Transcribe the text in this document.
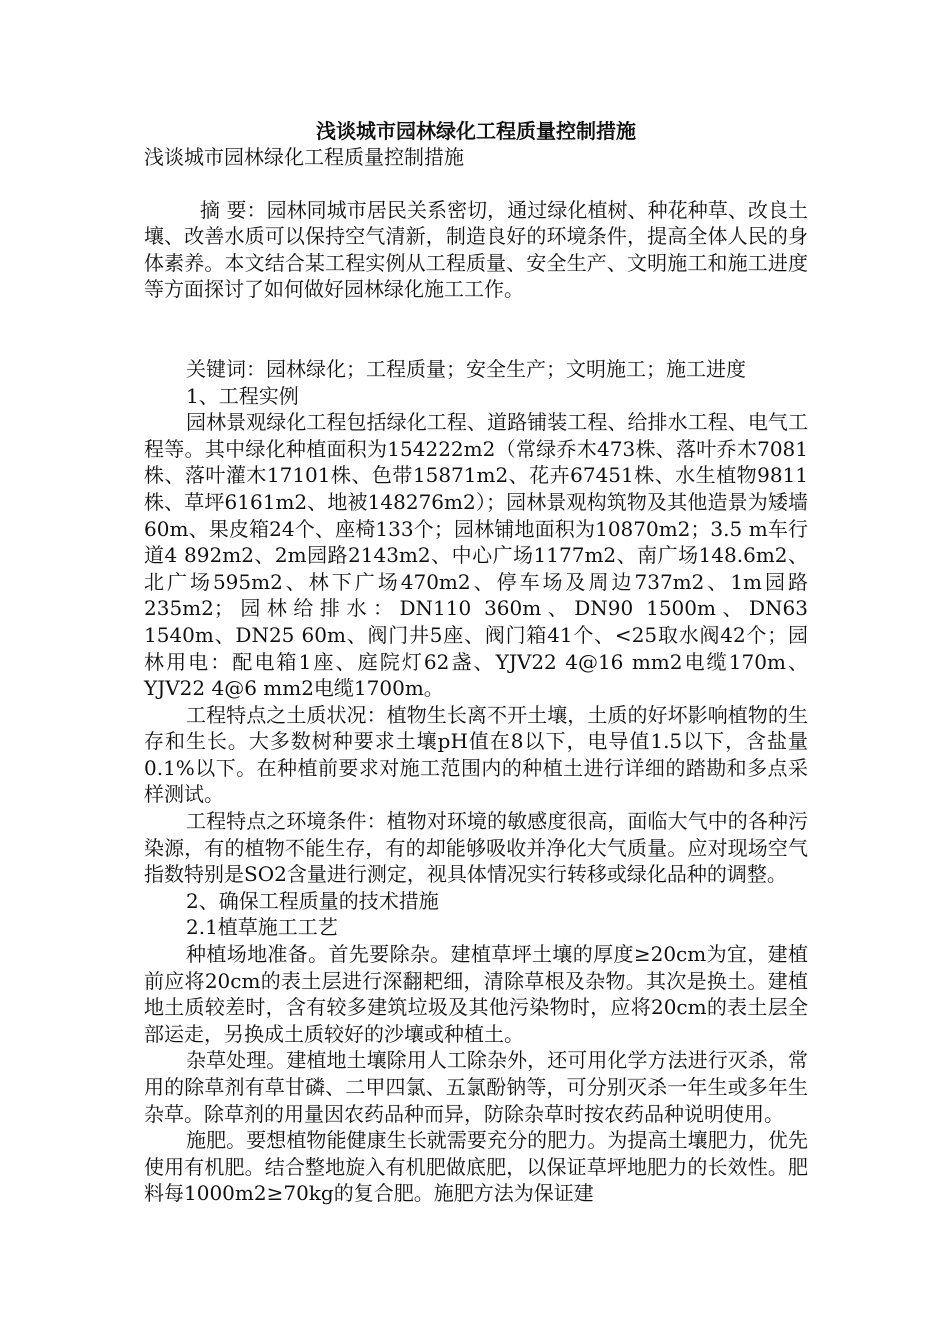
浅谈城市园林绿化工程质量控制措施

浅谈城市园林绿化工程质量控制措施

摘 要：园林同城市居民关系密切，通过绿化植树、种花种草、改良土壤、改善水质可以保持空气清新，制造良好的环境条件，提高全体人民的身体素养。本文结合某工程实例从工程质量、安全生产、文明施工和施工进度等方面探讨了如何做好园林绿化施工工作。

关键词：园林绿化；工程质量；安全生产；文明施工；施工进度

1、工程实例

园林景观绿化工程包括绿化工程、道路铺装工程、给排水工程、电气工程等。其中绿化种植面积为154222m2（常绿乔木473株、落叶乔木7081株、落叶灌木17101株、色带15871m2、花卉67451株、水生植物9811株、草坪6161m2、地被148276m2）；园林景观构筑物及其他造景为矮墙60m、果皮箱24个、座椅133个；园林铺地面积为10870m2；3.5 m车行道4 892m2、2m园路2143m2、中心广场1177m2、南广场148.6m2、北广场595m2、林下广场470m2、停车场及周边737m2、1m园路235m2；园林给排水：DN110 360m、DN90 1500m、DN63 1540m、DN25 60m、阀门井5座、阀门箱41个、<25取水阀42个；园林用电：配电箱1座、庭院灯62盏、YJV22 4@16 mm2电缆170m、YJV22 4@6 mm2电缆1700m。

工程特点之土质状况：植物生长离不开土壤，土质的好坏影响植物的生存和生长。大多数树种要求土壤pH值在8以下，电导值1.5以下，含盐量0.1%以下。在种植前要求对施工范围内的种植土进行详细的踏勘和多点采样测试。

工程特点之环境条件：植物对环境的敏感度很高，面临大气中的各种污染源，有的植物不能生存，有的却能够吸收并净化大气质量。应对现场空气指数特别是SO2含量进行测定，视具体情况实行转移或绿化品种的调整。

2、确保工程质量的技术措施

2.1植草施工工艺

种植场地准备。首先要除杂。建植草坪土壤的厚度≥20cm为宜，建植前应将20cm的表土层进行深翻耙细，清除草根及杂物。其次是换土。建植地土质较差时，含有较多建筑垃圾及其他污染物时，应将20cm的表土层全部运走，另换成土质较好的沙壤或种植土。

杂草处理。建植地土壤除用人工除杂外，还可用化学方法进行灭杀，常用的除草剂有草甘磷、二甲四氯、五氯酚钠等，可分别灭杀一年生或多年生杂草。除草剂的用量因农药品种而异，防除杂草时按农药品种说明使用。

施肥。要想植物能健康生长就需要充分的肥力。为提高土壤肥力，优先使用有机肥。结合整地旋入有机肥做底肥，以保证草坪地肥力的长效性。肥料每1000m2≥70kg的复合肥。施肥方法为保证建
